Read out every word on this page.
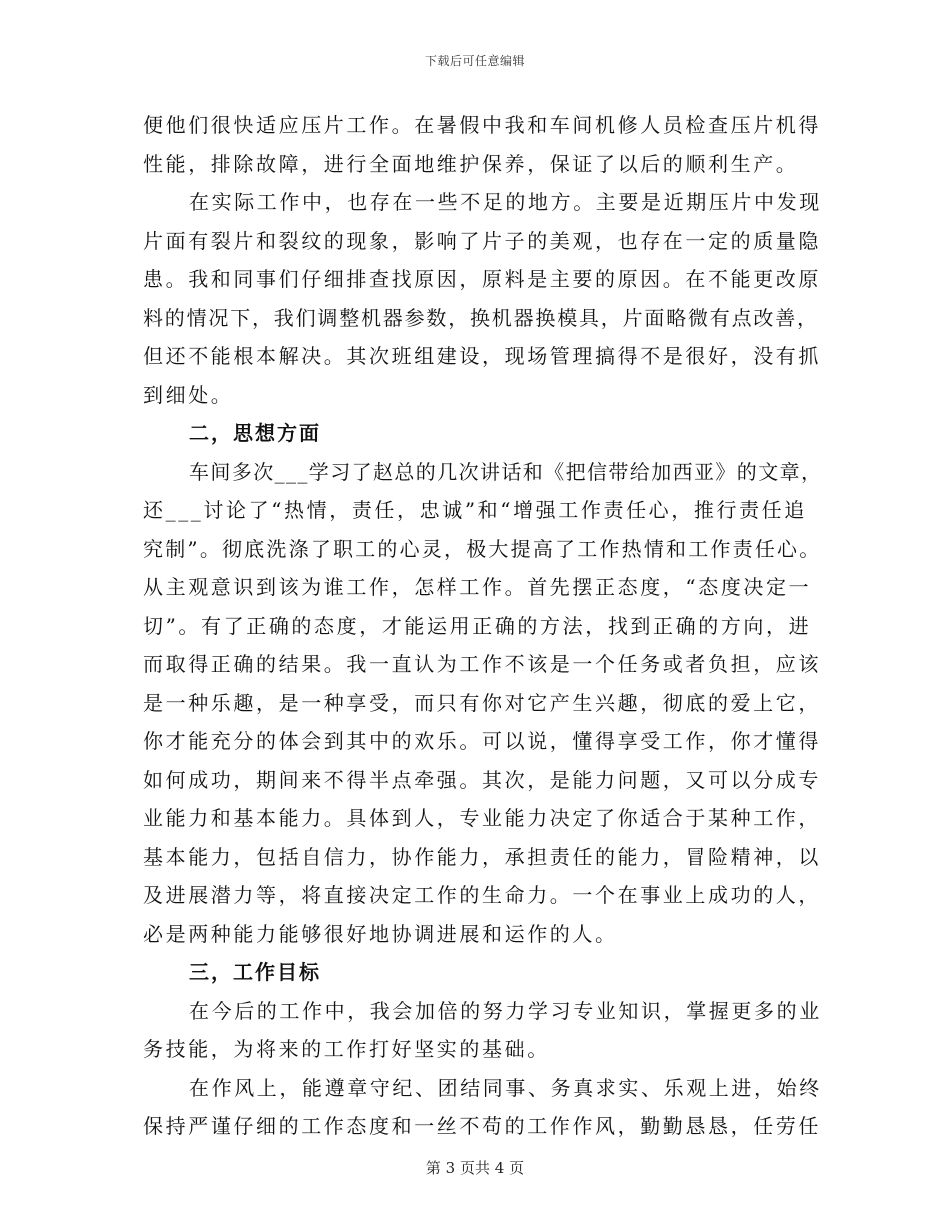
下载后可任意编辑
便他们很快适应压片工作。在暑假中我和车间机修人员检查压片机得
性能，排除故障，进行全面地维护保养，保证了以后的顺利生产。
在实际工作中，也存在一些不足的地方。主要是近期压片中发现
片面有裂片和裂纹的现象，影响了片子的美观，也存在一定的质量隐
患。我和同事们仔细排查找原因，原料是主要的原因。在不能更改原
料的情况下，我们调整机器参数，换机器换模具，片面略微有点改善，
但还不能根本解决。其次班组建设，现场管理搞得不是很好，没有抓
到细处。
二，思想方面
车间多次___学习了赵总的几次讲话和《把信带给加西亚》的文章，
还___讨论了“热情，责任，忠诚”和“增强工作责任心，推行责任追
究制”。彻底洗涤了职工的心灵，极大提高了工作热情和工作责任心。
从主观意识到该为谁工作，怎样工作。首先摆正态度，“态度决定一
切”。有了正确的态度，才能运用正确的方法，找到正确的方向，进
而取得正确的结果。我一直认为工作不该是一个任务或者负担，应该
是一种乐趣，是一种享受，而只有你对它产生兴趣，彻底的爱上它，
你才能充分的体会到其中的欢乐。可以说，懂得享受工作，你才懂得
如何成功，期间来不得半点牵强。其次，是能力问题，又可以分成专
业能力和基本能力。具体到人，专业能力决定了你适合于某种工作，
基本能力，包括自信力，协作能力，承担责任的能力，冒险精神，以
及进展潜力等，将直接决定工作的生命力。一个在事业上成功的人，
必是两种能力能够很好地协调进展和运作的人。
三，工作目标
在今后的工作中，我会加倍的努力学习专业知识，掌握更多的业
务技能，为将来的工作打好坚实的基础。
在作风上，能遵章守纪、团结同事、务真求实、乐观上进，始终
保持严谨仔细的工作态度和一丝不苟的工作作风，勤勤恳恳，任劳任
第 3 页共 4 页
